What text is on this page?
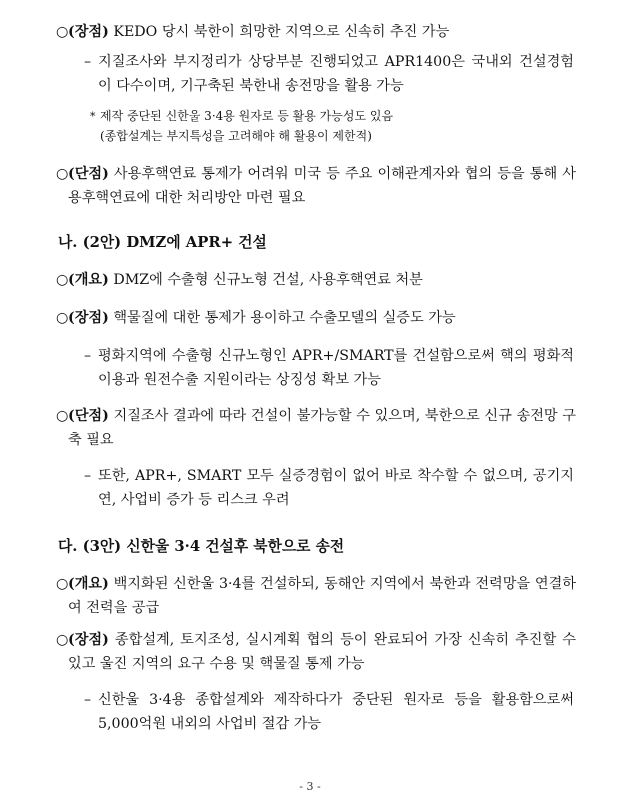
○ (장점) KEDO 당시 북한이 희망한 지역으로 신속히 추진 가능
– 지질조사와 부지정리가 상당부분 진행되었고 APR1400은 국내외 건설경험이 다수이며, 기구축된 북한내 송전망을 활용 가능
* 제작 중단된 신한울 3·4용 원자로 등 활용 가능성도 있음
(종합설계는 부지특성을 고려해야 해 활용이 제한적)
○ (단점) 사용후핵연료 통제가 어려워 미국 등 주요 이해관계자와 협의 등을 통해 사용후핵연료에 대한 처리방안 마련 필요
나. (2안) DMZ에 APR+ 건설
○ (개요) DMZ에 수출형 신규노형 건설, 사용후핵연료 처분
○ (장점) 핵물질에 대한 통제가 용이하고 수출모델의 실증도 가능
– 평화지역에 수출형 신규노형인 APR+/SMART를 건설함으로써 핵의 평화적 이용과 원전수출 지원이라는 상징성 확보 가능
○ (단점) 지질조사 결과에 따라 건설이 불가능할 수 있으며, 북한으로 신규 송전망 구축 필요
– 또한, APR+, SMART 모두 실증경험이 없어 바로 착수할 수 없으며, 공기지연, 사업비 증가 등 리스크 우려
다. (3안) 신한울 3·4 건설후 북한으로 송전
○ (개요) 백지화된 신한울 3·4를 건설하되, 동해안 지역에서 북한과 전력망을 연결하여 전력을 공급
○ (장점) 종합설계, 토지조성, 실시계획 협의 등이 완료되어 가장 신속히 추진할 수 있고 울진 지역의 요구 수용 및 핵물질 통제 가능
– 신한울 3·4용 종합설계와 제작하다가 중단된 원자로 등을 활용함으로써 5,000억원 내외의 사업비 절감 가능
- 3 -
